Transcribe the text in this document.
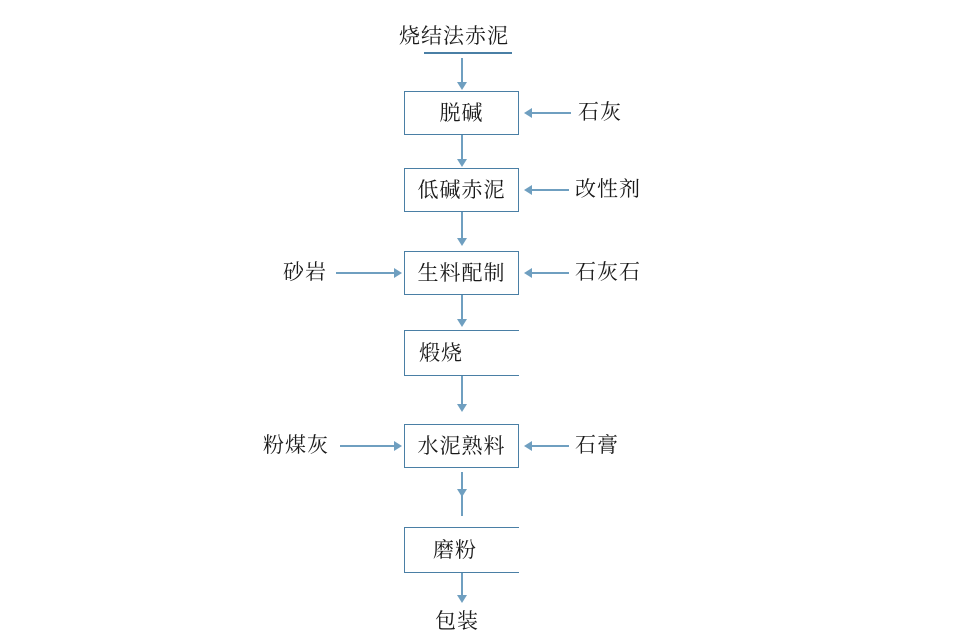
烧结法赤泥
脱碱	石灰
低碱赤泥	改性剂
生料配制
砂岩	石灰石
煅烧
水泥熟料
粉煤灰	石膏
磨粉
包装
